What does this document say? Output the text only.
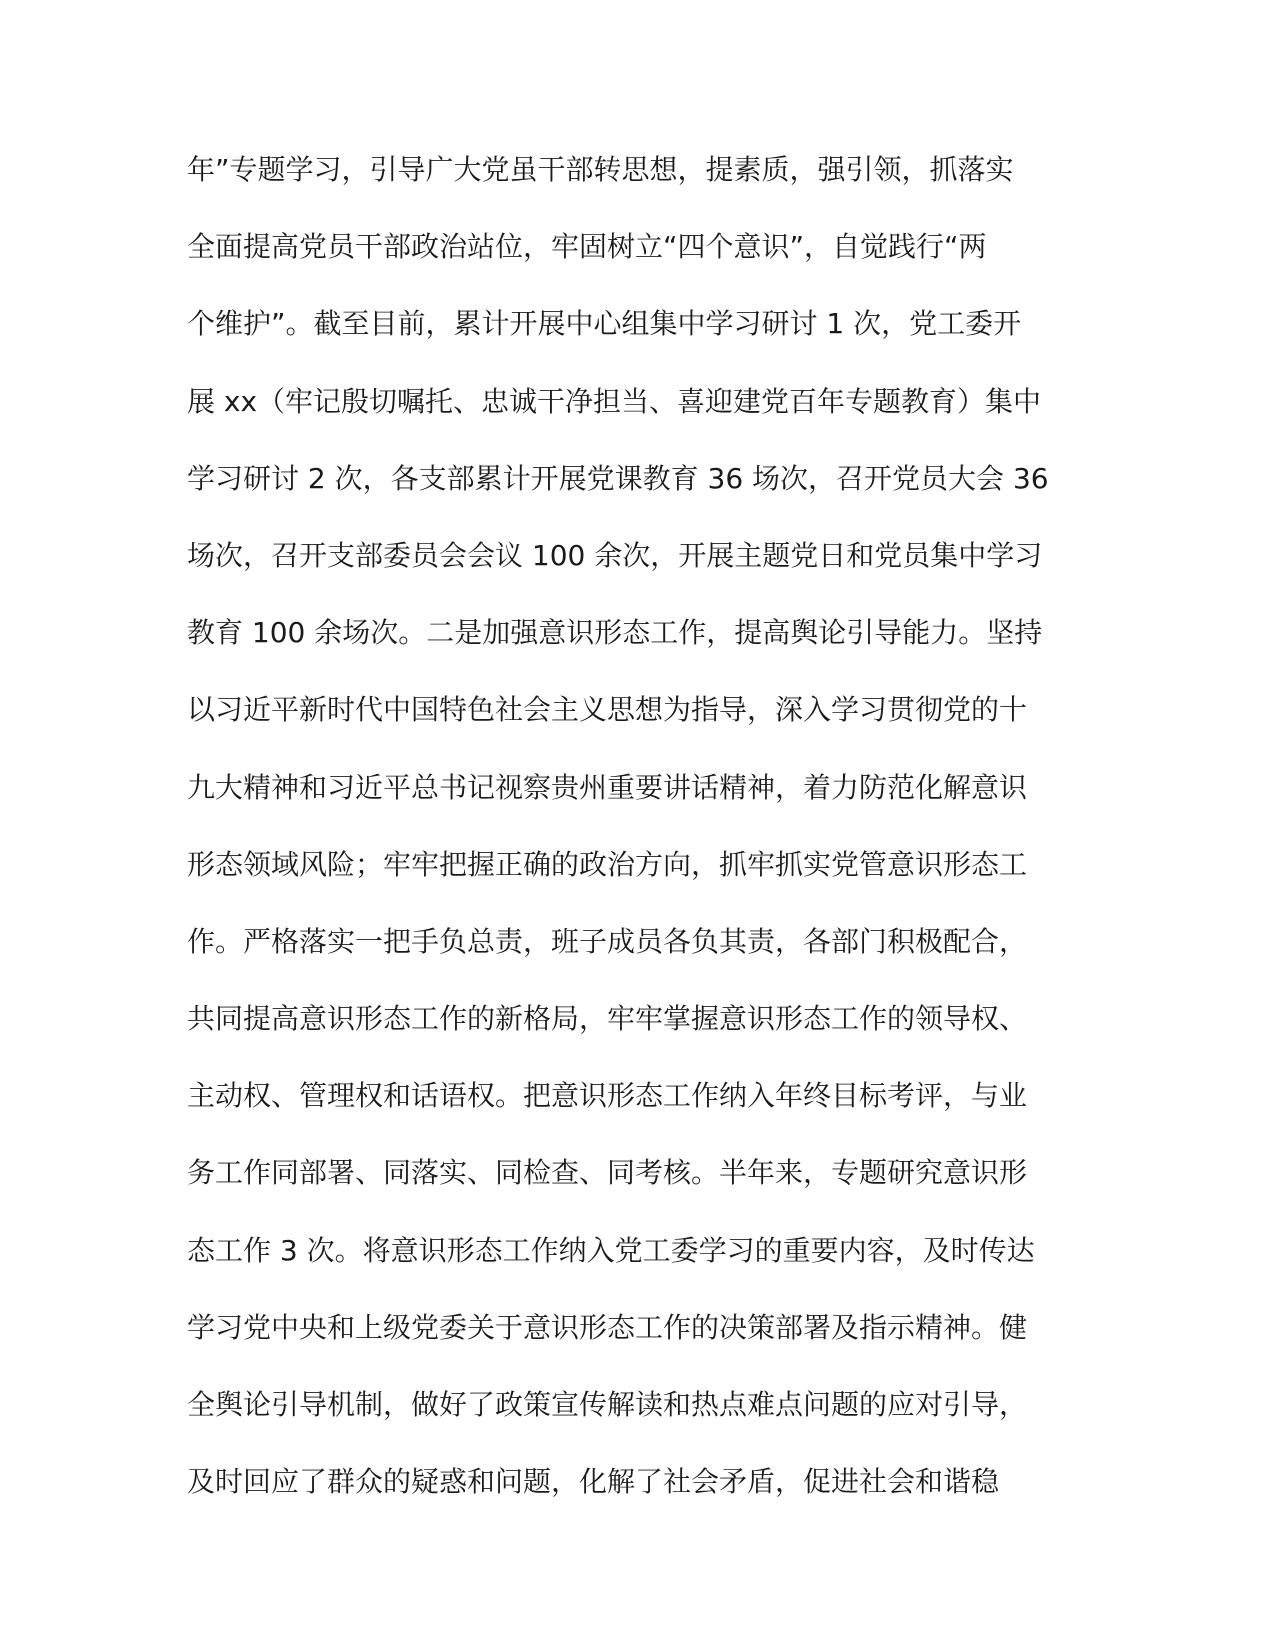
年”专题学习，引导广大党虽干部转思想，提素质，强引领，抓落实
全面提高党员干部政治站位，牢固树立“四个意识”，自觉践行“两
个维护”。截至目前，累计开展中心组集中学习研讨 1 次，党工委开
展 xx（牢记殷切嘱托、忠诚干净担当、喜迎建党百年专题教育）集中
学习研讨 2 次，各支部累计开展党课教育 36 场次，召开党员大会 36
场次，召开支部委员会会议 100 余次，开展主题党日和党员集中学习
教育 100 余场次。二是加强意识形态工作，提高舆论引导能力。坚持
以习近平新时代中国特色社会主义思想为指导，深入学习贯彻党的十
九大精神和习近平总书记视察贵州重要讲话精神，着力防范化解意识
形态领域风险；牢牢把握正确的政治方向，抓牢抓实党管意识形态工
作。严格落实一把手负总责，班子成员各负其责，各部门积极配合，
共同提高意识形态工作的新格局，牢牢掌握意识形态工作的领导权、
主动权、管理权和话语权。把意识形态工作纳入年终目标考评，与业
务工作同部署、同落实、同检查、同考核。半年来，专题研究意识形
态工作 3 次。将意识形态工作纳入党工委学习的重要内容，及时传达
学习党中央和上级党委关于意识形态工作的决策部署及指示精神。健
全舆论引导机制，做好了政策宣传解读和热点难点问题的应对引导，
及时回应了群众的疑惑和问题，化解了社会矛盾，促进社会和谐稳
